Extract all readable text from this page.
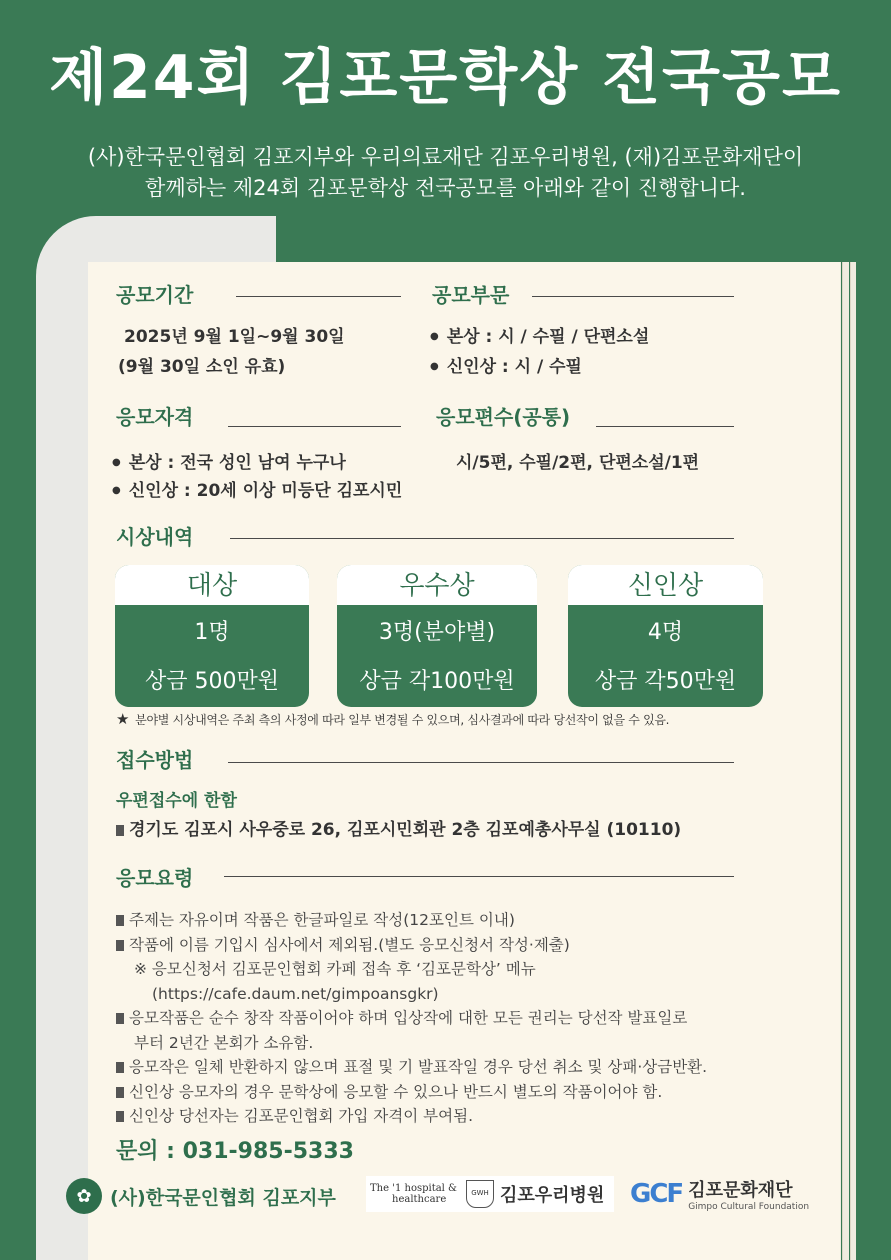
제24회 김포문학상 전국공모
(사)한국문인협회 김포지부와 우리의료재단 김포우리병원, (재)김포문화재단이
함께하는 제24회 김포문학상 전국공모를 아래와 같이 진행합니다.
공모기간
2025년 9월 1일~9월 30일
(9월 30일 소인 유효)
공모부문
● 본상 : 시 / 수필 / 단편소설
● 신인상 : 시 / 수필
응모자격
● 본상 : 전국 성인 남여 누구나
● 신인상 : 20세 이상 미등단 김포시민
응모편수(공통)
시/5편, 수필/2편, 단편소설/1편
시상내역
대상
1명
상금 500만원
우수상
3명(분야별)
상금 각100만원
신인상
4명
상금 각50만원
★ 분야별 시상내역은 주최 측의 사정에 따라 일부 변경될 수 있으며, 심사결과에 따라 당선작이 없을 수 있음.
접수방법
우편접수에 한함
경기도 김포시 사우중로 26, 김포시민회관 2층 김포예총사무실 (10110)
응모요령
주제는 자유이며 작품은 한글파일로 작성(12포인트 이내)
작품에 이름 기입시 심사에서 제외됨.(별도 응모신청서 작성·제출)
※ 응모신청서 김포문인협회 카페 접속 후 ‘김포문학상’ 메뉴
(https://cafe.daum.net/gimpoansgkr)
응모작품은 순수 창작 작품이어야 하며 입상작에 대한 모든 권리는 당선작 발표일로
부터 2년간 본회가 소유함.
응모작은 일체 반환하지 않으며 표절 및 기 발표작일 경우 당선 취소 및 상패·상금반환.
신인상 응모자의 경우 문학상에 응모할 수 있으나 반드시 별도의 작품이어야 함.
신인상 당선자는 김포문인협회 가입 자격이 부여됨.
문의 : 031-985-5333
✿ (사)한국문인협회 김포지부	The '1 hospital &
healthcare
GWH 김포우리병원 GCF 김포문화재단
Gimpo Cultural Foundation
